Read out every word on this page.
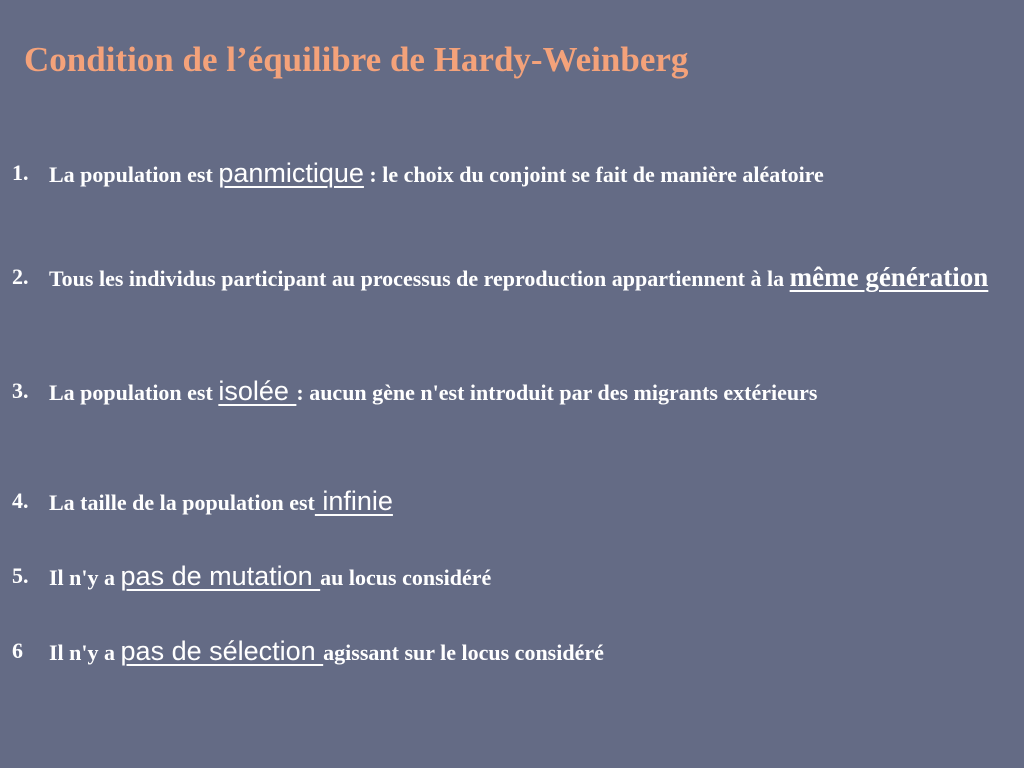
Condition de l’équilibre de Hardy-Weinberg
1. La population est panmictique : le choix du conjoint se fait de manière aléatoire
2. Tous les individus participant au processus de reproduction appartiennent à la même génération
3. La population est isolée : aucun gène n'est introduit par des migrants extérieurs
4. La taille de la population est infinie
5. Il n'y a pas de mutation au locus considéré
6 Il n'y a pas de sélection agissant sur le locus considéré
